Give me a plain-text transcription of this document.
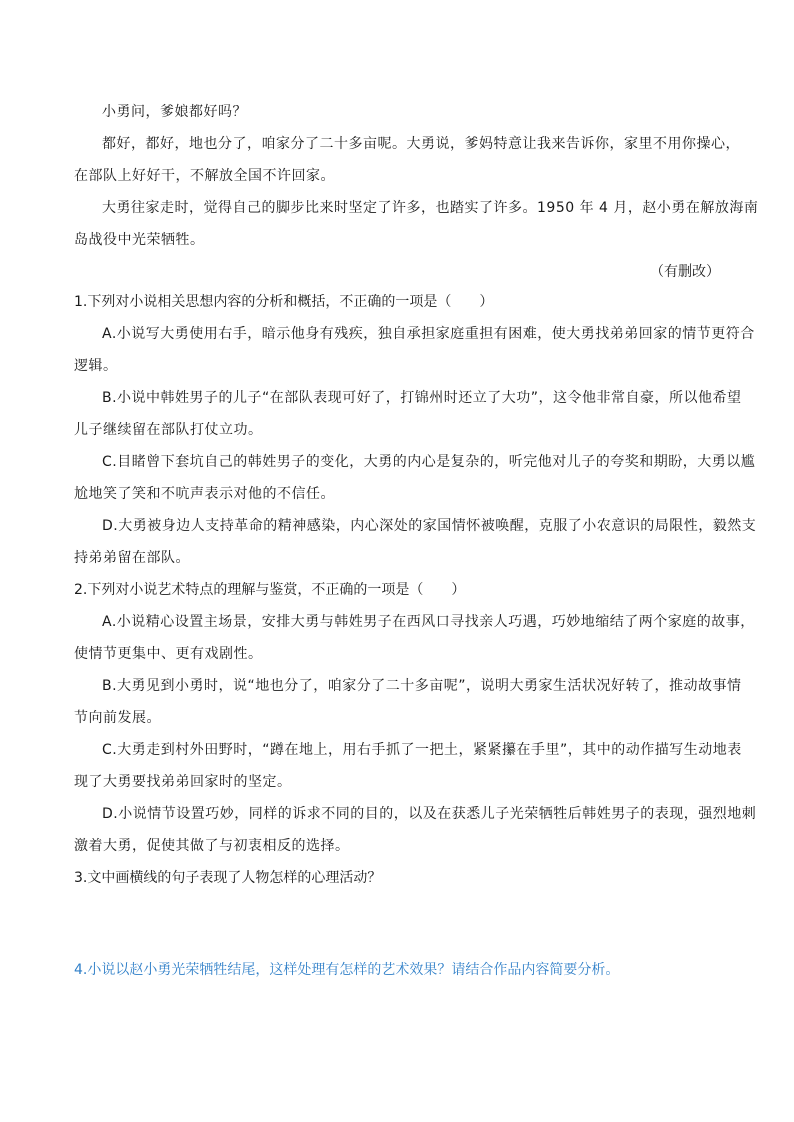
小勇问，爹娘都好吗？

都好，都好，地也分了，咱家分了二十多亩呢。大勇说，爹妈特意让我来告诉你，家里不用你操心，

在部队上好好干，不解放全国不许回家。

大勇往家走时，觉得自己的脚步比来时坚定了许多，也踏实了许多。1950 年 4 月，赵小勇在解放海南

岛战役中光荣牺牲。

（有删改）

1.下列对小说相关思想内容的分析和概括，不正确的一项是（　　）

A.小说写大勇使用右手，暗示他身有残疾，独自承担家庭重担有困难，使大勇找弟弟回家的情节更符合

逻辑。

B.小说中韩姓男子的儿子“在部队表现可好了，打锦州时还立了大功”，这令他非常自豪，所以他希望

儿子继续留在部队打仗立功。

C.目睹曾下套坑自己的韩姓男子的变化，大勇的内心是复杂的，听完他对儿子的夸奖和期盼，大勇以尴

尬地笑了笑和不吭声表示对他的不信任。

D.大勇被身边人支持革命的精神感染，内心深处的家国情怀被唤醒，克服了小农意识的局限性，毅然支

持弟弟留在部队。

2.下列对小说艺术特点的理解与鉴赏，不正确的一项是（　　）

A.小说精心设置主场景，安排大勇与韩姓男子在西风口寻找亲人巧遇，巧妙地缩结了两个家庭的故事，

使情节更集中、更有戏剧性。

B.大勇见到小勇时，说“地也分了，咱家分了二十多亩呢”，说明大勇家生活状况好转了，推动故事情

节向前发展。

C.大勇走到村外田野时，“蹲在地上，用右手抓了一把土，紧紧攥在手里”，其中的动作描写生动地表

现了大勇要找弟弟回家时的坚定。

D.小说情节设置巧妙，同样的诉求不同的目的，以及在获悉儿子光荣牺牲后韩姓男子的表现，强烈地刺

激着大勇，促使其做了与初衷相反的选择。

3.文中画横线的句子表现了人物怎样的心理活动？

4.小说以赵小勇光荣牺牲结尾，这样处理有怎样的艺术效果？请结合作品内容简要分析。
